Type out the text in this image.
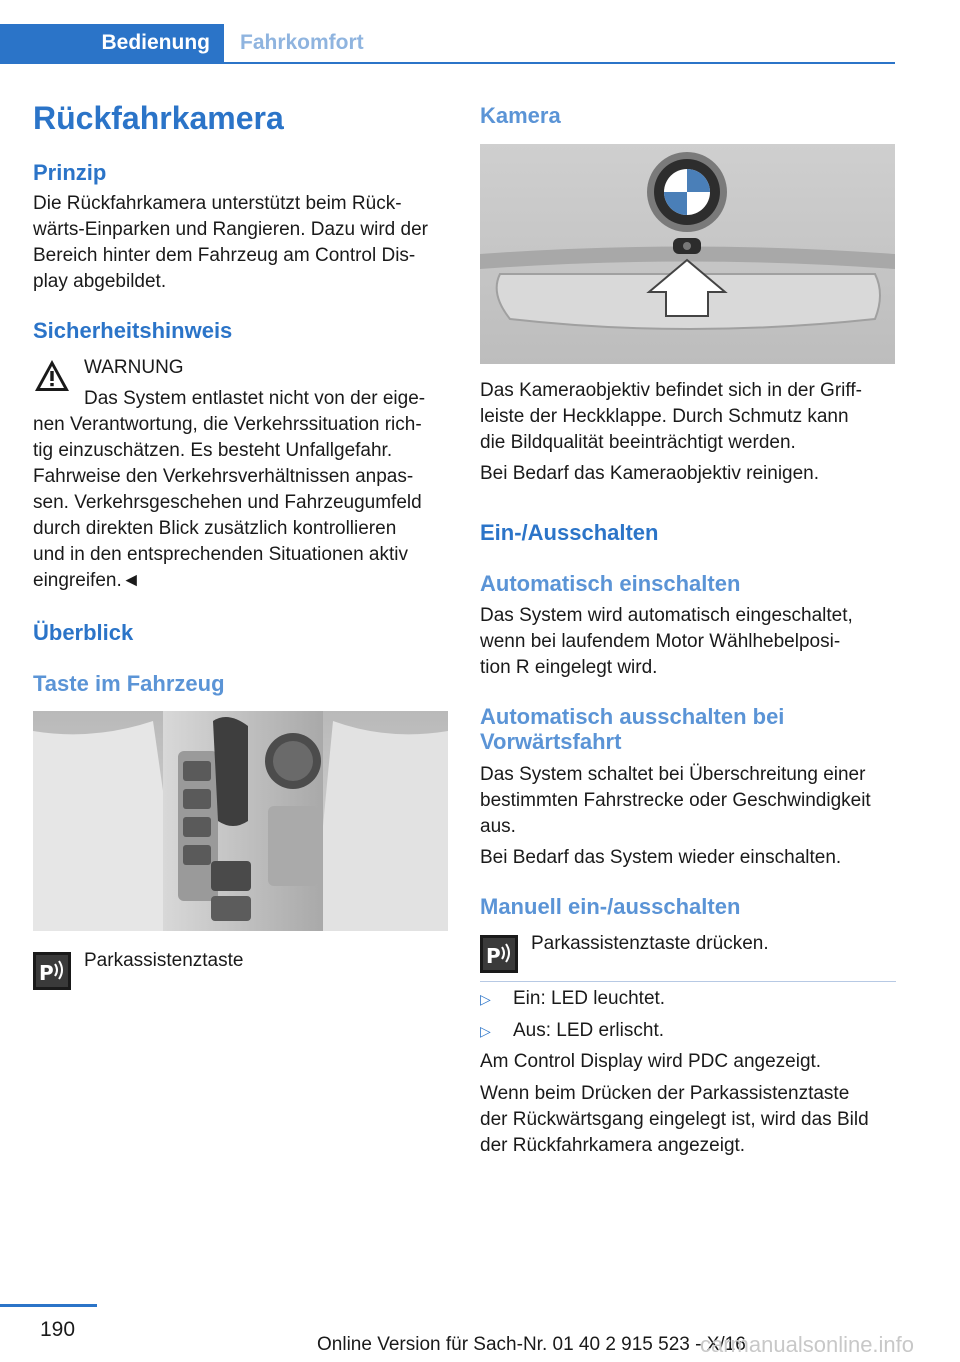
Bedienung	Fahrkomfort
Rückfahrkamera
Prinzip
Die Rückfahrkamera unterstützt beim Rück-
wärts-Einparken und Rangieren. Dazu wird der
Bereich hinter dem Fahrzeug am Control Dis-
play abgebildet.
Sicherheitshinweis
WARNUNG
Das System entlastet nicht von der eige-
nen Verantwortung, die Verkehrssituation rich-
tig einzuschätzen. Es besteht Unfallgefahr.
Fahrweise den Verkehrsverhältnissen anpas-
sen. Verkehrsgeschehen und Fahrzeugumfeld
durch direkten Blick zusätzlich kontrollieren
und in den entsprechenden Situationen aktiv
eingreifen.◄
Überblick
Taste im Fahrzeug
P
Parkassistenztaste
Kamera
Das Kameraobjektiv befindet sich in der Griff-
leiste der Heckklappe. Durch Schmutz kann
die Bildqualität beeinträchtigt werden.
Bei Bedarf das Kameraobjektiv reinigen.
Ein-/Ausschalten
Automatisch einschalten
Das System wird automatisch eingeschaltet,
wenn bei laufendem Motor Wählhebelposi-
tion R eingelegt wird.
Automatisch ausschalten bei
Vorwärtsfahrt
Das System schaltet bei Überschreitung einer
bestimmten Fahrstrecke oder Geschwindigkeit
aus.
Bei Bedarf das System wieder einschalten.
Manuell ein-/ausschalten
P
Parkassistenztaste drücken.
▷ Ein: LED leuchtet.
▷ Aus: LED erlischt.
Am Control Display wird PDC angezeigt.
Wenn beim Drücken der Parkassistenztaste
der Rückwärtsgang eingelegt ist, wird das Bild
der Rückfahrkamera angezeigt.
190
Online Version für Sach-Nr. 01 40 2 915 523 - X/16
carmanualsonline.info
